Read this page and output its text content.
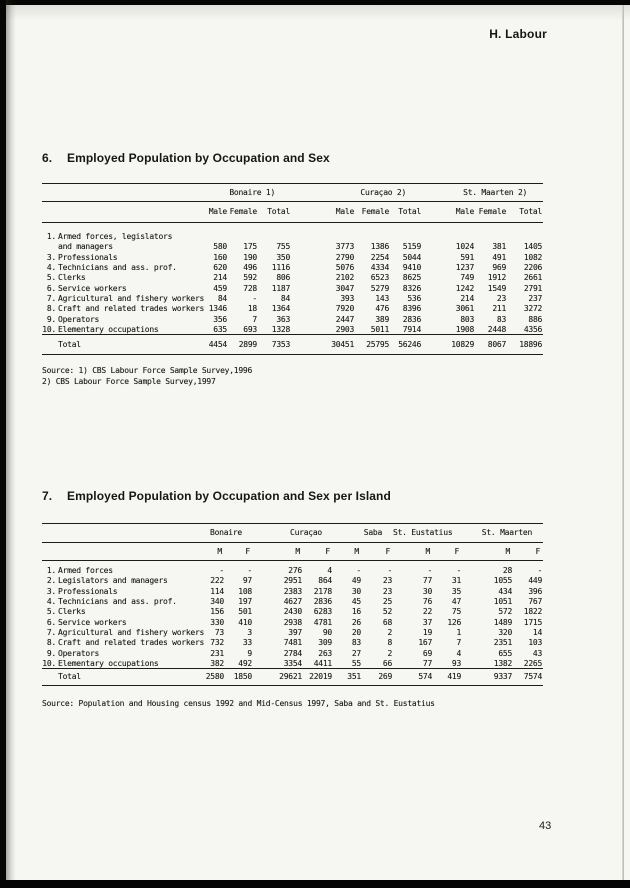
H. Labour
6. Employed Population by Occupation and Sex
	Bonaire 1)			Curaçao 2)			St. Maarten 2)		
	Male	Female	Total	Male	Female	Total	Male	Female	Total

1. Armed forces, legislators									
and managers	580	175	755	3773	1386	5159	1024	381	1405
3. Professionals	160	190	350	2790	2254	5044	591	491	1082
4. Technicians and ass. prof.	620	496	1116	5076	4334	9410	1237	969	2206
5. Clerks	214	592	806	2102	6523	8625	749	1912	2661
6. Service workers	459	728	1187	3047	5279	8326	1242	1549	2791
7. Agricultural and fishery workers	84	-	84	393	143	536	214	23	237
8. Craft and related trades workers	1346	18	1364	7920	476	8396	3061	211	3272
9. Operators	356	7	363	2447	389	2836	803	83	886
10. Elementary occupations	635	693	1328	2903	5011	7914	1908	2448	4356
Total	4454	2899	7353	30451	25795	56246	10829	8067	18896
Source: 1) CBS Labour Force Sample Survey,1996
2) CBS Labour Force Sample Survey,1997
7. Employed Population by Occupation and Sex per Island
	Bonaire		Curaçao		Saba		St. Eustatius		St. Maarten	
	M	F	M	F	M	F	M	F	M	F

1. Armed forces	-	-	276	4	-	-	-	-	28	-
2. Legislators and managers	222	97	2951	864	49	23	77	31	1055	449
3. Professionals	114	108	2383	2178	30	23	30	35	434	396
4. Technicians and ass. prof.	340	197	4627	2836	45	25	76	47	1051	767
5. Clerks	156	501	2430	6283	16	52	22	75	572	1822
6. Service workers	330	410	2938	4781	26	68	37	126	1489	1715
7. Agricultural and fishery workers	73	3	397	90	20	2	19	1	320	14
8. Craft and related trades workers	732	33	7481	309	83	8	167	7	2351	103
9. Operators	231	9	2784	263	27	2	69	4	655	43
10. Elementary occupations	382	492	3354	4411	55	66	77	93	1382	2265
Total	2580	1850	29621	22019	351	269	574	419	9337	7574
Source: Population and Housing census 1992 and Mid-Census 1997, Saba and St. Eustatius
43
